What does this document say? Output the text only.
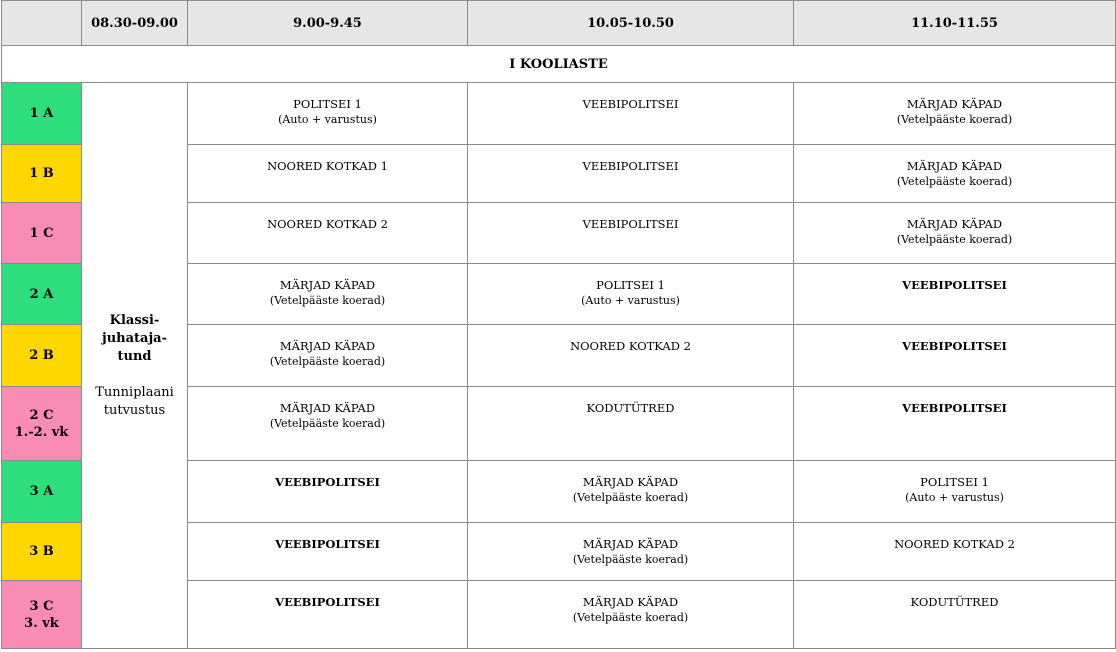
	08.30-09.00	9.00-9.45	10.05-10.50	11.10-11.55
I KOOLIASTE				

1 A	Klassi-
juhataja-
tund
Tunniplaani
tutvustus	POLITSEI 1
(Auto + varustus)	VEEBIPOLITSEI	MÄRJAD KÄPAD
(Vetelpääste koerad)

1 B		NOORED KOTKAD 1	VEEBIPOLITSEI	MÄRJAD KÄPAD
(Vetelpääste koerad)

1 C		NOORED KOTKAD 2	VEEBIPOLITSEI	MÄRJAD KÄPAD
(Vetelpääste koerad)

2 A		MÄRJAD KÄPAD
(Vetelpääste koerad)	POLITSEI 1
(Auto + varustus)	VEEBIPOLITSEI

2 B		MÄRJAD KÄPAD
(Vetelpääste koerad)	NOORED KOTKAD 2	VEEBIPOLITSEI

2 C
1.-2. vk		MÄRJAD KÄPAD
(Vetelpääste koerad)	KODUTÜTRED	VEEBIPOLITSEI

3 A		VEEBIPOLITSEI	MÄRJAD KÄPAD
(Vetelpääste koerad)	POLITSEI 1
(Auto + varustus)

3 B		VEEBIPOLITSEI	MÄRJAD KÄPAD
(Vetelpääste koerad)	NOORED KOTKAD 2

3 C
3. vk		VEEBIPOLITSEI	MÄRJAD KÄPAD
(Vetelpääste koerad)	KODUTÜTRED
